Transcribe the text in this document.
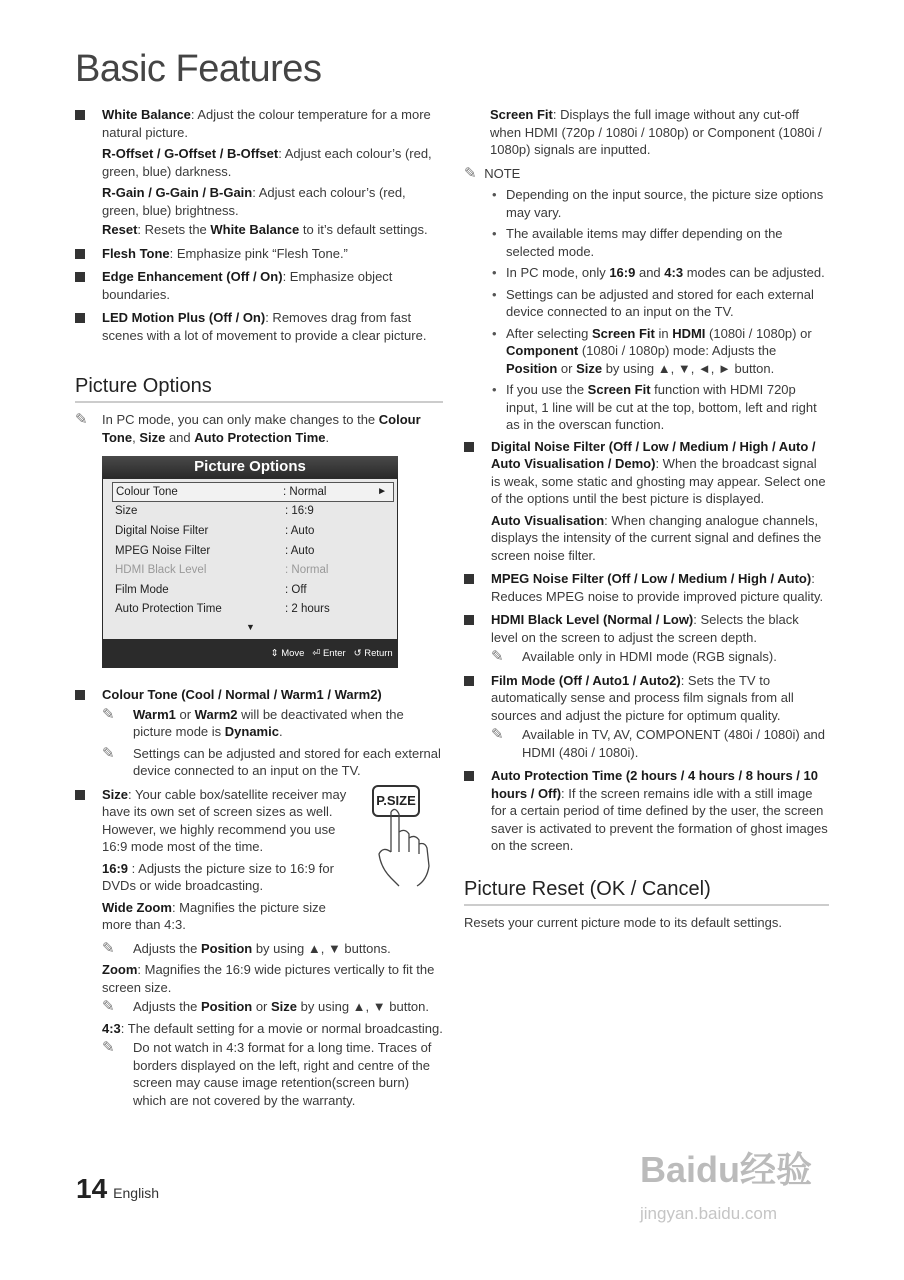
Basic Features
White Balance: Adjust the colour temperature for a more natural picture.
R-Offset / G-Offset / B-Offset: Adjust each colour’s (red, green, blue) darkness.
R-Gain / G-Gain / B-Gain: Adjust each colour’s (red, green, blue) brightness.
Reset: Resets the White Balance to it’s default settings.
Flesh Tone: Emphasize pink “Flesh Tone.”
Edge Enhancement (Off / On): Emphasize object boundaries.
LED Motion Plus (Off / On): Removes drag from fast scenes with a lot of movement to provide a clear picture.
Picture Options
✎ In PC mode, you can only make changes to the Colour Tone, Size and Auto Protection Time.
Picture Options
Colour Tone	: Normal	►
Size	: 16:9
Digital Noise Filter	: Auto
MPEG Noise Filter	: Auto
HDMI Black Level	: Normal
Film Mode	: Off
Auto Protection Time	: 2 hours
▼
⇕ Move ⏎ Enter ↺ Return
Colour Tone (Cool / Normal / Warm1 / Warm2)
✎ Warm1 or Warm2 will be deactivated when the picture mode is Dynamic.
✎ Settings can be adjusted and stored for each external device connected to an input on the TV.
Size: Your cable box/satellite receiver may have its own set of screen sizes as well. However, we highly recommend you use 16:9 mode most of the time.
P.SIZE
16:9 : Adjusts the picture size to 16:9 for DVDs or wide broadcasting.
Wide Zoom: Magnifies the picture size more than 4:3.
✎ Adjusts the Position by using ▲, ▼ buttons.
Zoom: Magnifies the 16:9 wide pictures vertically to fit the screen size.
✎ Adjusts the Position or Size by using ▲, ▼ button.
4:3: The default setting for a movie or normal broadcasting.
✎ Do not watch in 4:3 format for a long time. Traces of borders displayed on the left, right and centre of the screen may cause image retention(screen burn) which are not covered by the warranty.
Screen Fit: Displays the full image without any cut-off when HDMI (720p / 1080i / 1080p) or Component (1080i / 1080p) signals are inputted.
✎ NOTE
• Depending on the input source, the picture size options may vary.
• The available items may differ depending on the selected mode.
• In PC mode, only 16:9 and 4:3 modes can be adjusted.
• Settings can be adjusted and stored for each external device connected to an input on the TV.
• After selecting Screen Fit in HDMI (1080i / 1080p) or Component (1080i / 1080p) mode: Adjusts the Position or Size by using ▲, ▼, ◄, ► button.
• If you use the Screen Fit function with HDMI 720p input, 1 line will be cut at the top, bottom, left and right as in the overscan function.
Digital Noise Filter (Off / Low / Medium / High / Auto / Auto Visualisation / Demo): When the broadcast signal is weak, some static and ghosting may appear. Select one of the options until the best picture is displayed.
Auto Visualisation: When changing analogue channels, displays the intensity of the current signal and defines the screen noise filter.
MPEG Noise Filter (Off / Low / Medium / High / Auto): Reduces MPEG noise to provide improved picture quality.
HDMI Black Level (Normal / Low): Selects the black level on the screen to adjust the screen depth.
✎ Available only in HDMI mode (RGB signals).
Film Mode (Off / Auto1 / Auto2): Sets the TV to automatically sense and process film signals from all sources and adjust the picture for optimum quality.
✎ Available in TV, AV, COMPONENT (480i / 1080i) and HDMI (480i / 1080i).
Auto Protection Time (2 hours / 4 hours / 8 hours / 10 hours / Off): If the screen remains idle with a still image for a certain period of time defined by the user, the screen saver is activated to prevent the formation of ghost images on the screen.
Picture Reset (OK / Cancel)
Resets your current picture mode to its default settings.
14 English
Baidu经验
jingyan.baidu.com
